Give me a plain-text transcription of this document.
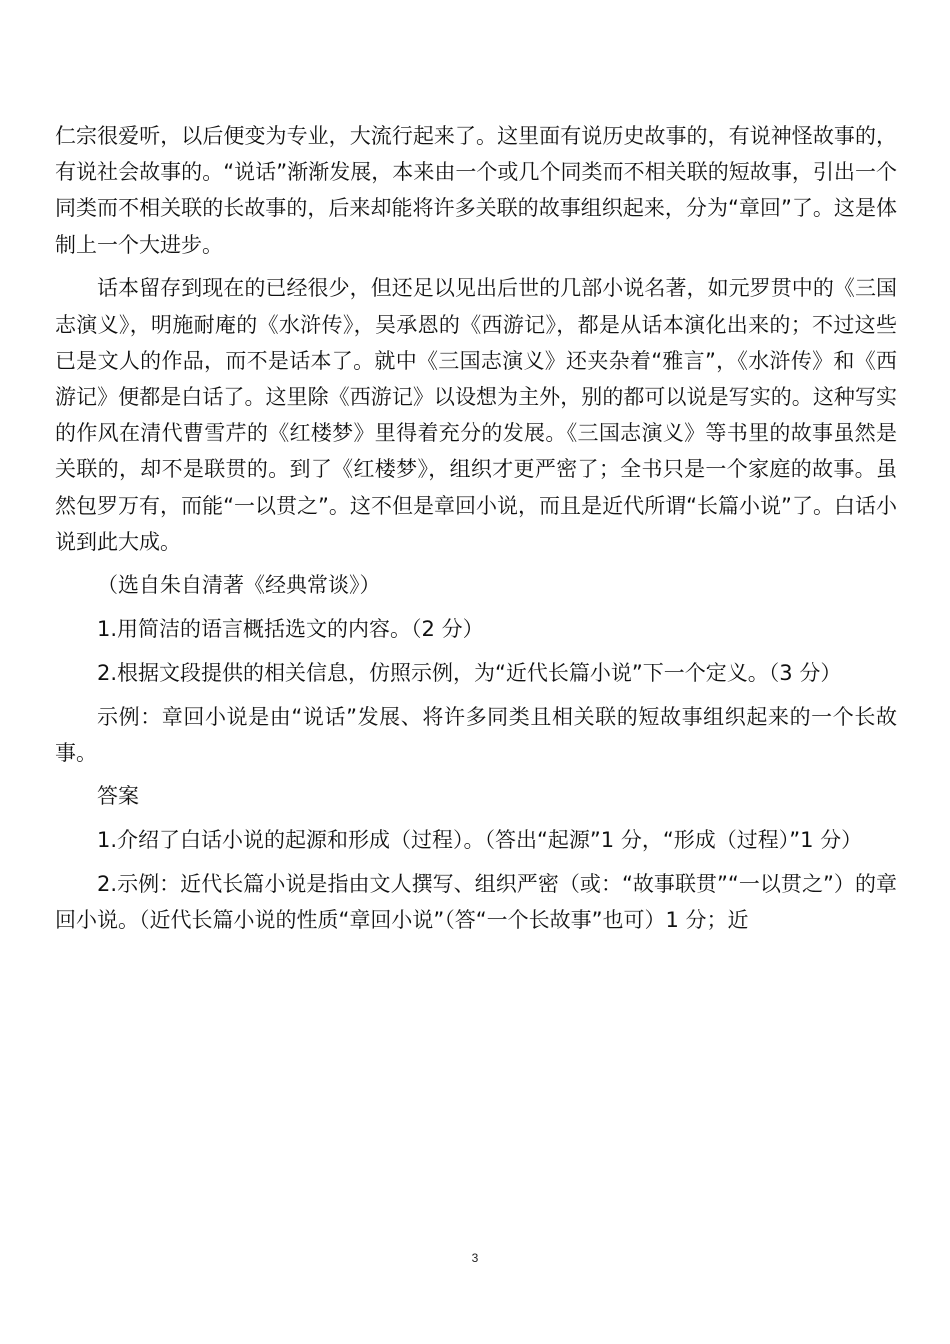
仁宗很爱听，以后便变为专业，大流行起来了。这里面有说历史故事的，有说神怪故事的，有说社会故事的。“说话”渐渐发展，本来由一个或几个同类而不相关联的短故事，引出一个同类而不相关联的长故事的，后来却能将许多关联的故事组织起来，分为“章回”了。这是体制上一个大进步。

话本留存到现在的已经很少，但还足以见出后世的几部小说名著，如元罗贯中的《三国志演义》，明施耐庵的《水浒传》，吴承恩的《西游记》，都是从话本演化出来的；不过这些已是文人的作品，而不是话本了。就中《三国志演义》还夹杂着“雅言”，《水浒传》和《西游记》便都是白话了。这里除《西游记》以设想为主外，别的都可以说是写实的。这种写实的作风在清代曹雪芹的《红楼梦》里得着充分的发展。《三国志演义》等书里的故事虽然是关联的，却不是联贯的。到了《红楼梦》，组织才更严密了；全书只是一个家庭的故事。虽然包罗万有，而能“一以贯之”。这不但是章回小说，而且是近代所谓“长篇小说”了。白话小说到此大成。

（选自朱自清著《经典常谈》）

1.用简洁的语言概括选文的内容。（2 分）

2.根据文段提供的相关信息，仿照示例，为“近代长篇小说”下一个定义。（3 分）

示例：章回小说是由“说话”发展、将许多同类且相关联的短故事组织起来的一个长故事。

答案

1.介绍了白话小说的起源和形成（过程）。（答出“起源”1 分，“形成（过程）”1 分）

2.示例：近代长篇小说是指由文人撰写、组织严密（或：“故事联贯”“一以贯之”）的章回小说。（近代长篇小说的性质“章回小说”（答“一个长故事”也可）1 分；近

3
